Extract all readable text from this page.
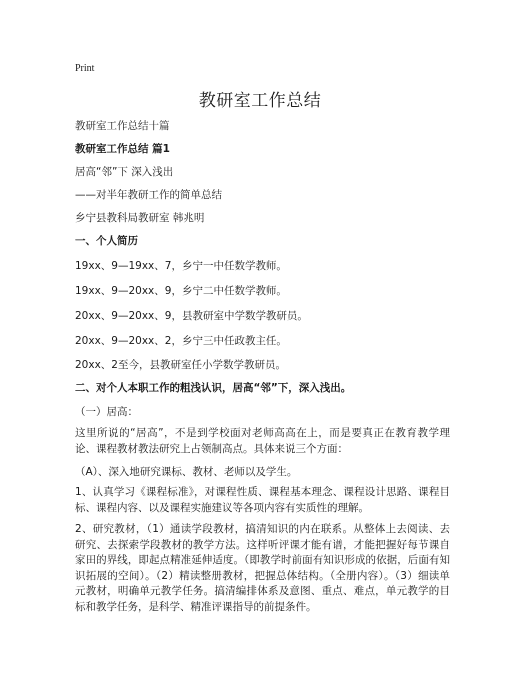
Print
教研室工作总结
教研室工作总结十篇
教研室工作总结 篇1
居高“邻”下 深入浅出
——对半年教研工作的简单总结
乡宁县教科局教研室 韩兆明
一、个人简历
19xx、9—19xx、7，乡宁一中任数学教师。
19xx、9—20xx、9，乡宁二中任数学教师。
20xx、9—20xx、9，县教研室中学数学教研员。
20xx、9—20xx、2，乡宁三中任政教主任。
20xx、2至今，县教研室任小学数学教研员。
二、对个人本职工作的粗浅认识，居高“邻”下，深入浅出。
（一）居高：
这里所说的“居高”，不是到学校面对老师高高在上，而是要真正在教育教学理论、课程教材教法研究上占领制高点。具体来说三个方面：
（A）、深入地研究课标、教材、老师以及学生。
1、认真学习《课程标准》，对课程性质、课程基本理念、课程设计思路、课程目标、课程内容、以及课程实施建议等各项内容有实质性的理解。
2、研究教材，（1）通读学段教材，搞清知识的内在联系。从整体上去阅读、去研究、去探索学段教材的教学方法。这样听评课才能有谱，才能把握好每节课自家田的界线，即起点精准延伸适度。（即教学时前面有知识形成的依据，后面有知识拓展的空间）。（2）精读整册教材，把握总体结构。（全册内容）。（3）细读单元教材，明确单元教学任务。搞清编排体系及意图、重点、难点，单元教学的目标和教学任务，是科学、精准评课指导的前提条件。
